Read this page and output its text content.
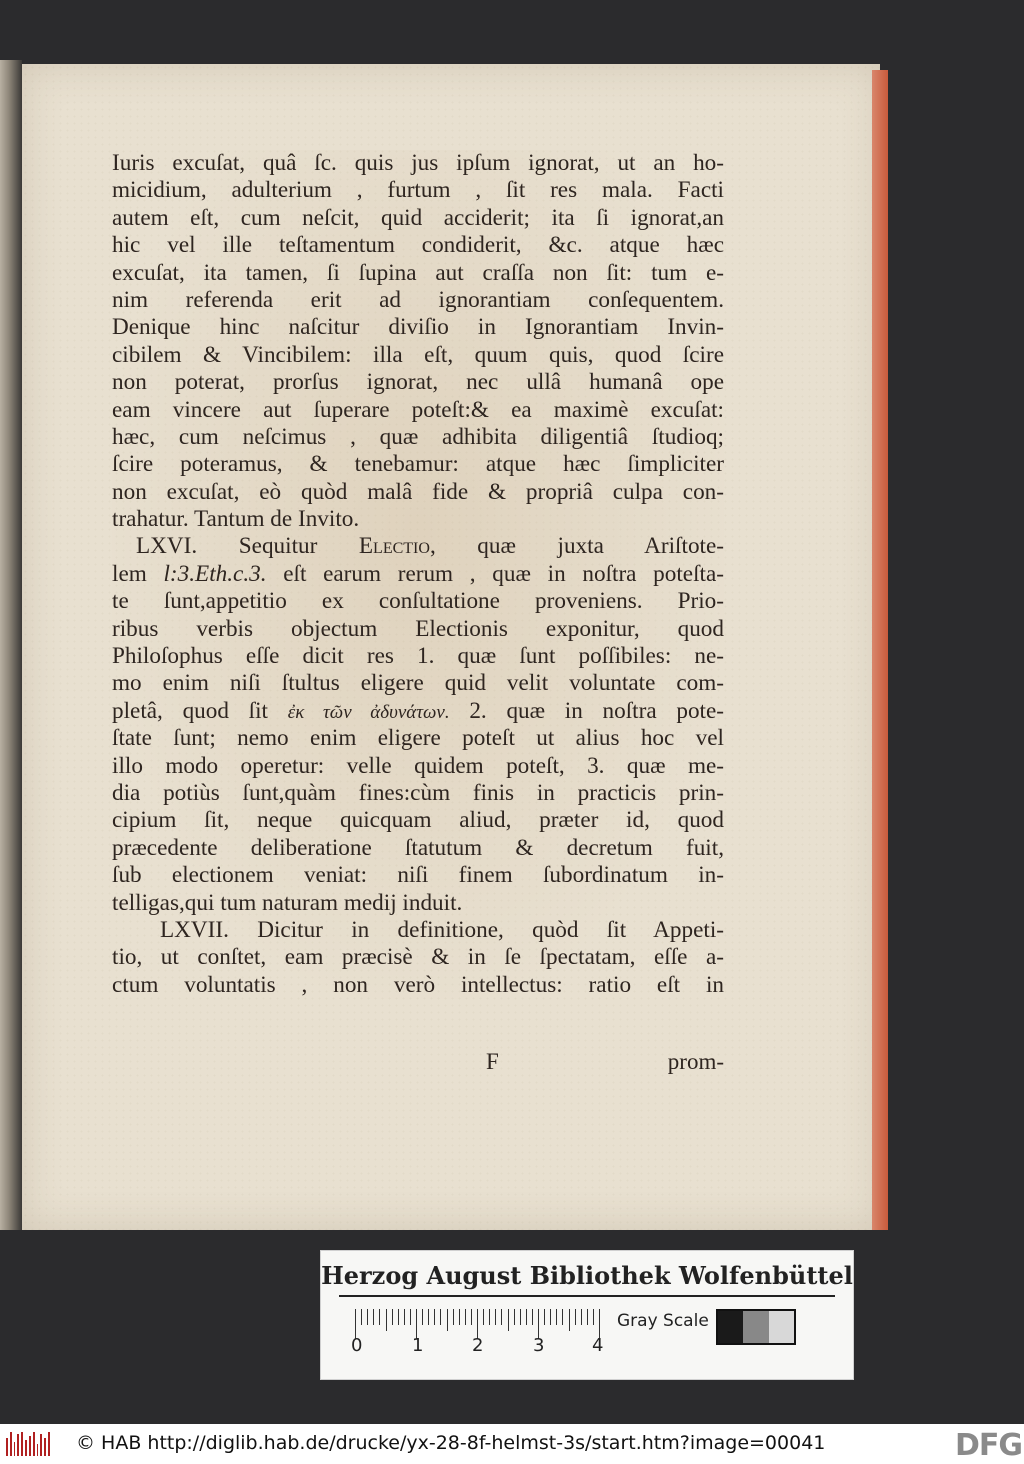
Iuris excuſat, quâ ſc. quis jus ipſum ignorat, ut an ho-
micidium, adulterium , furtum , ſit res mala. Facti
autem eſt, cum neſcit, quid acciderit; ita ſi ignorat,an
hic vel ille teſtamentum condiderit, &c. atque hæc
excuſat, ita tamen, ſi ſupina aut craſſa non ſit: tum e-
nim referenda erit ad ignorantiam conſequentem.
Denique hinc naſcitur diviſio in Ignorantiam Invin-
cibilem & Vincibilem: illa eſt, quum quis, quod ſcire
non poterat, prorſus ignorat, nec ullâ humanâ ope
eam vincere aut ſuperare poteſt:& ea maximè excuſat:
hæc, cum neſcimus , quæ adhibita diligentiâ ſtudioq;
ſcire poteramus, & tenebamur: atque hæc ſimpliciter
non excuſat, eò quòd malâ fide & propriâ culpa con-
trahatur. Tantum de Invito.
LXVI. Sequitur Electio, quæ juxta Ariſtote-
lem l:3.Eth.c.3. eſt earum rerum , quæ in noſtra poteſta-
te ſunt,appetitio ex conſultatione proveniens. Prio-
ribus verbis objectum Electionis exponitur, quod
Philoſophus eſſe dicit res 1. quæ ſunt poſſibiles: ne-
mo enim niſi ſtultus eligere quid velit voluntate com-
pletâ, quod ſit ἐκ τῶν ἀδυνάτων. 2. quæ in noſtra pote-
ſtate ſunt; nemo enim eligere poteſt ut alius hoc vel
illo modo operetur: velle quidem poteſt, 3. quæ me-
dia potiùs ſunt,quàm fines:cùm finis in practicis prin-
cipium ſit, neque quicquam aliud, præter id, quod
præcedente deliberatione ſtatutum & decretum fuit,
ſub electionem veniat: niſi finem ſubordinatum in-
telligas,qui tum naturam medij induit.
LXVII. Dicitur in definitione, quòd ſit Appeti-
tio, ut conſtet, eam præcisè & in ſe ſpectatam, eſſe a-
ctum voluntatis , non verò intellectus: ratio eſt in
F	prom-
Herzog August Bibliothek Wolfenbüttel
0	1	2	3	4
Gray Scale
© HAB http://diglib.hab.de/drucke/yx-28-8f-helmst-3s/start.htm?image=00041	DFG
